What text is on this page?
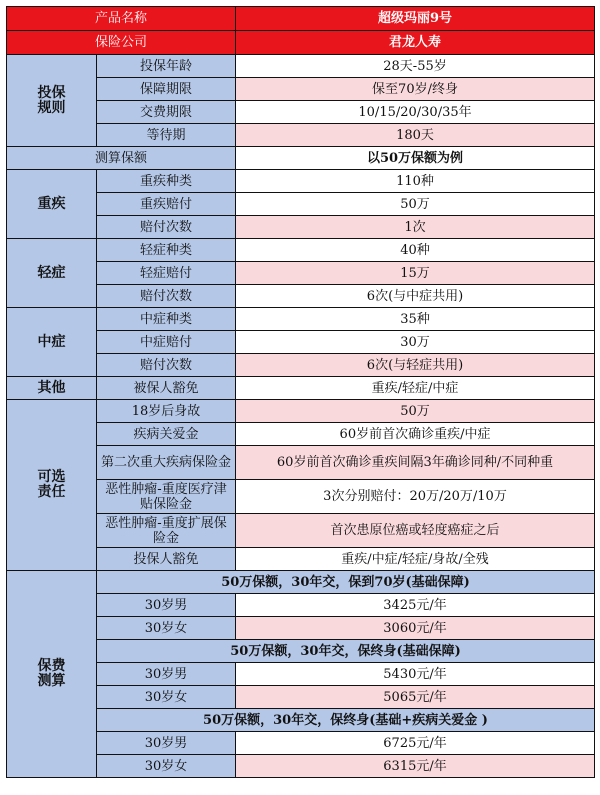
产品名称		超级玛丽9号
保险公司		君龙人寿
投保
规则	投保年龄	28天-55岁
	保障期限	保至70岁/终身
	交费期限	10/15/20/30/35年
	等待期	180天
测算保额		以50万保额为例
重疾	重疾种类	110种
	重疾赔付	50万
	赔付次数	1次
轻症	轻症种类	40种
	轻症赔付	15万
	赔付次数	6次(与中症共用)
中症	中症种类	35种
	中症赔付	30万
	赔付次数	6次(与轻症共用)
其他	被保人豁免	重疾/轻症/中症
可选
责任	18岁后身故	50万
	疾病关爱金	60岁前首次确诊重疾/中症
	第二次重大疾病保险金	60岁前首次确诊重疾间隔3年确诊同种/不同种重
	恶性肿瘤-重度医疗津贴保险金	3次分别赔付：20万/20万/10万
	恶性肿瘤-重度扩展保险金	首次患原位癌或轻度癌症之后
	投保人豁免	重疾/中症/轻症/身故/全残
保费
测算	50万保额，30年交，保到70岁(基础保障)	
	30岁男	3425元/年
	30岁女	3060元/年
	50万保额，30年交，保终身(基础保障)	
	30岁男	5430元/年
	30岁女	5065元/年
	50万保额，30年交，保终身(基础+疾病关爱金 )	
	30岁男	6725元/年
	30岁女	6315元/年
